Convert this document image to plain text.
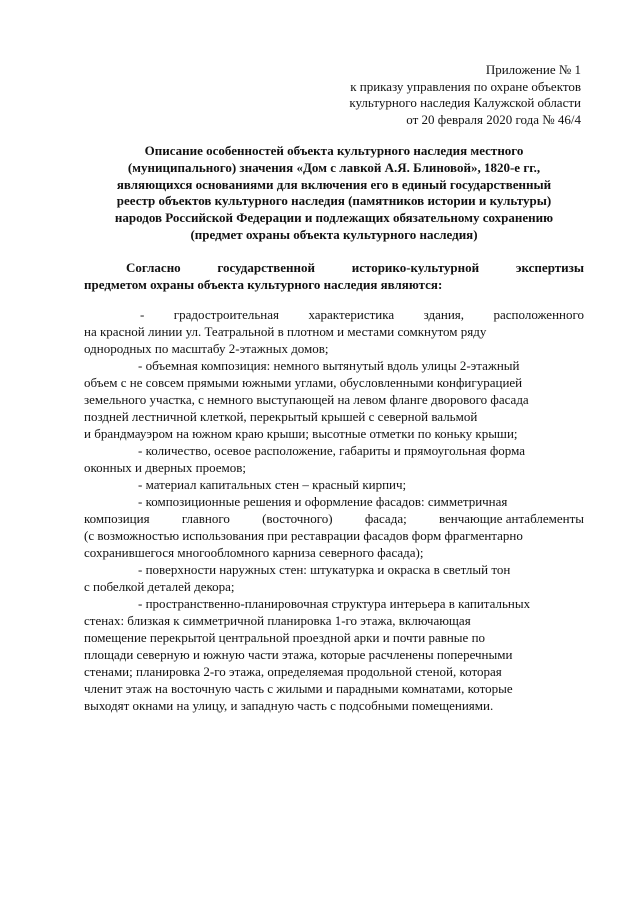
Приложение № 1
к приказу управления по охране объектов
культурного наследия Калужской области
от 20 февраля 2020 года № 46/4
Описание особенностей объекта культурного наследия местного
(муниципального) значения «Дом с лавкой А.Я. Блиновой», 1820-е гг.,
являющихся основаниями для включения его в единый государственный
реестр объектов культурного наследия (памятников истории и культуры)
народов Российской Федерации и подлежащих обязательному сохранению
(предмет охраны объекта культурного наследия)
Согласно	государственной	историко-культурной	экспертизы
предметом охраны объекта культурного наследия являются:
- градостроительная характеристика здания, расположенного
на красной линии ул. Театральной в плотном и местами сомкнутом ряду
однородных по масштабу 2-этажных домов;
- объемная композиция: немного вытянутый вдоль улицы 2-этажный
объем с не совсем прямыми южными углами, обусловленными конфигурацией
земельного участка, с немного выступающей на левом фланге дворового фасада
поздней лестничной клеткой, перекрытый крышей с северной вальмой
и брандмауэром на южном краю крыши; высотные отметки по коньку крыши;
- количество, осевое расположение, габариты и прямоугольная форма
оконных и дверных проемов;
- материал капитальных стен – красный кирпич;
- композиционные решения и оформление фасадов: симметричная
композиция главного (восточного) фасада; венчающие антаблементы
(с возможностью использования при реставрации фасадов форм фрагментарно
сохранившегося многообломного карниза северного фасада);
- поверхности наружных стен: штукатурка и окраска в светлый тон
с побелкой деталей декора;
- пространственно-планировочная структура интерьера в капитальных
стенах: близкая к симметричной планировка 1-го этажа, включающая
помещение перекрытой центральной проездной арки и почти равные по
площади северную и южную части этажа, которые расчленены поперечными
стенами; планировка 2-го этажа, определяемая продольной стеной, которая
членит этаж на восточную часть с жилыми и парадными комнатами, которые
выходят окнами на улицу, и западную часть с подсобными помещениями.
